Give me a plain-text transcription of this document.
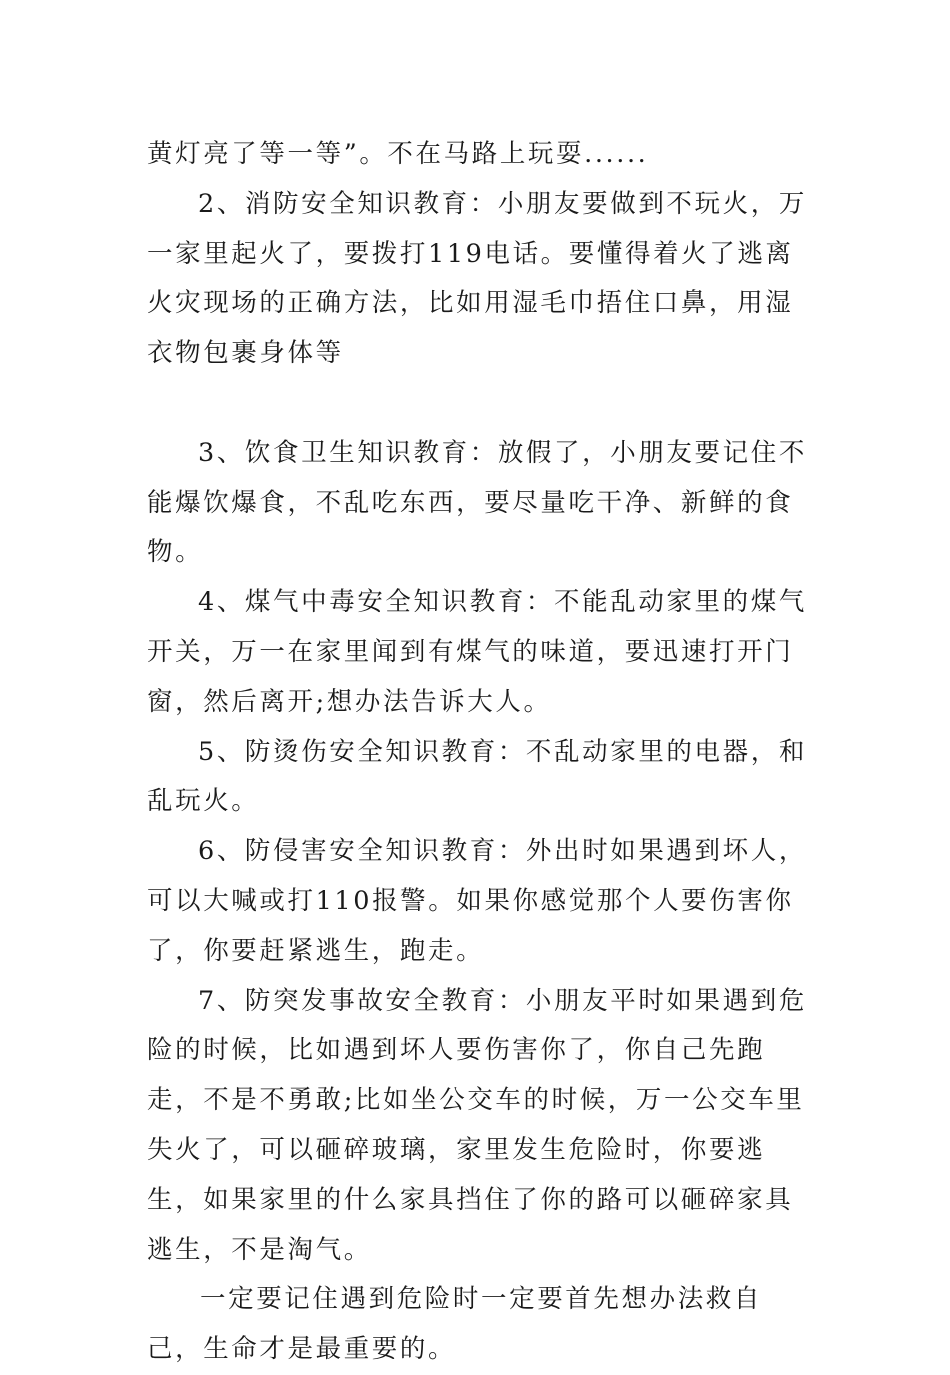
黄灯亮了等一等”。不在马路上玩耍......

2、消防安全知识教育：小朋友要做到不玩火，万一家里起火了，要拨打119电话。要懂得着火了逃离火灾现场的正确方法，比如用湿毛巾捂住口鼻，用湿衣物包裹身体等

3、饮食卫生知识教育：放假了，小朋友要记住不能爆饮爆食，不乱吃东西，要尽量吃干净、新鲜的食物。

4、煤气中毒安全知识教育：不能乱动家里的煤气开关，万一在家里闻到有煤气的味道，要迅速打开门窗，然后离开;想办法告诉大人。

5、防烫伤安全知识教育：不乱动家里的电器，和乱玩火。

6、防侵害安全知识教育：外出时如果遇到坏人，可以大喊或打110报警。如果你感觉那个人要伤害你了，你要赶紧逃生，跑走。

7、防突发事故安全教育：小朋友平时如果遇到危险的时候，比如遇到坏人要伤害你了，你自己先跑走，不是不勇敢;比如坐公交车的时候，万一公交车里失火了，可以砸碎玻璃，家里发生危险时，你要逃生，如果家里的什么家具挡住了你的路可以砸碎家具逃生，不是淘气。

一定要记住遇到危险时一定要首先想办法救自己，生命才是最重要的。
